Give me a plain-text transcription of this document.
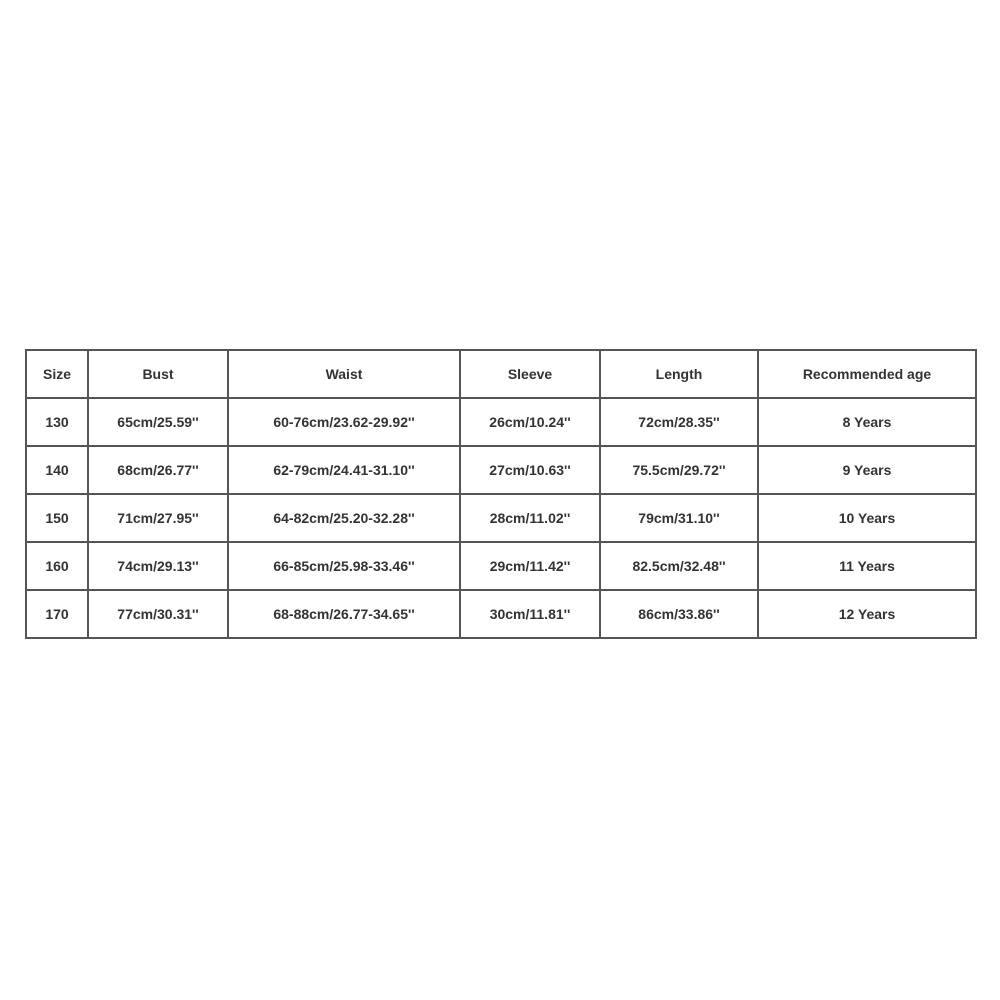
Size	Bust	Waist	Sleeve	Length	Recommended age
130	65cm/25.59''	60-76cm/23.62-29.92''	26cm/10.24''	72cm/28.35''	8 Years
140	68cm/26.77''	62-79cm/24.41-31.10''	27cm/10.63''	75.5cm/29.72''	9 Years
150	71cm/27.95''	64-82cm/25.20-32.28''	28cm/11.02''	79cm/31.10''	10 Years
160	74cm/29.13''	66-85cm/25.98-33.46''	29cm/11.42''	82.5cm/32.48''	11 Years
170	77cm/30.31''	68-88cm/26.77-34.65''	30cm/11.81''	86cm/33.86''	12 Years
